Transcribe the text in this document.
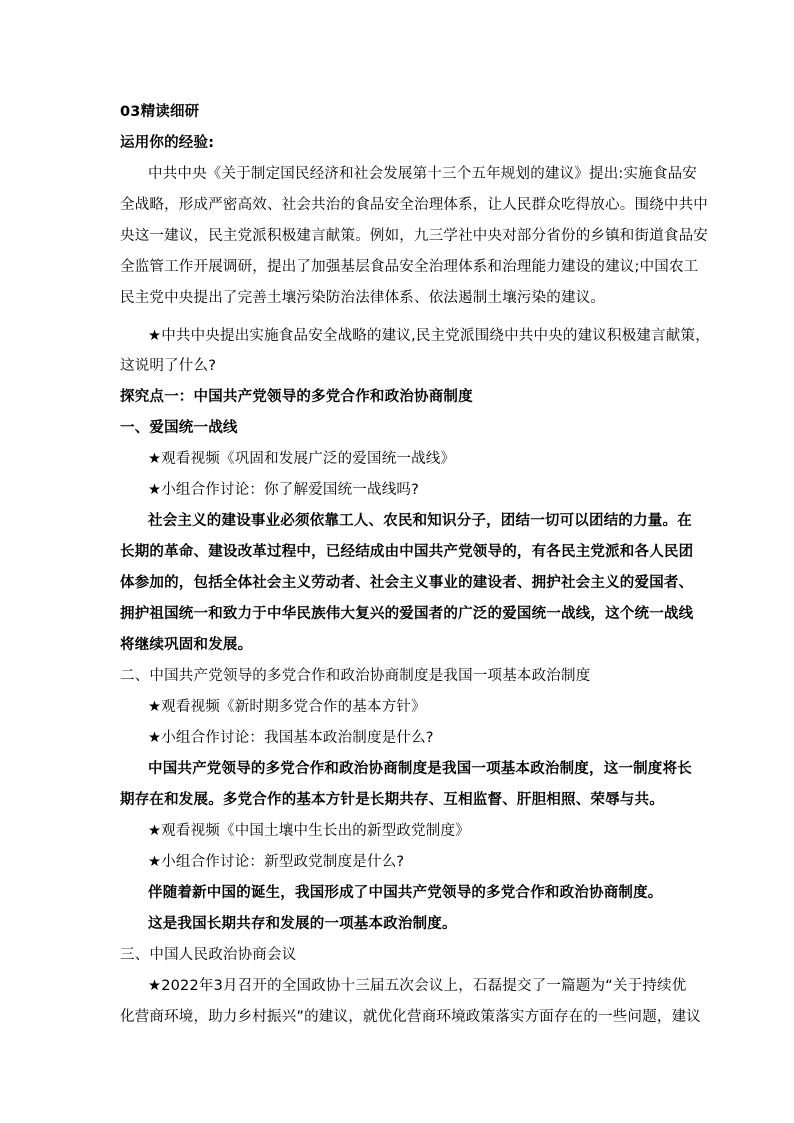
03精读细研
运用你的经验:
中共中央《关于制定国民经济和社会发展第十三个五年规划的建议》提出:实施食品安
全战略，形成严密高效、社会共治的食品安全治理体系，让人民群众吃得放心。围绕中共中
央这一建议，民主党派积极建言献策。例如，九三学社中央对部分省份的乡镇和街道食品安
全监管工作开展调研，提出了加强基层食品安全治理体系和治理能力建设的建议;中国农工
民主党中央提出了完善土壤污染防治法律体系、依法遏制土壤污染的建议。
★中共中央提出实施食品安全战略的建议,民主党派围绕中共中央的建议积极建言献策，
这说明了什么?
探究点一：中国共产党领导的多党合作和政治协商制度
一、爱国统一战线
★观看视频《巩固和发展广泛的爱国统一战线》
★小组合作讨论：你了解爱国统一战线吗?
社会主义的建设事业必须依靠工人、农民和知识分子，团结一切可以团结的力量。在
长期的革命、建设改革过程中，已经结成由中国共产党领导的，有各民主党派和各人民团
体参加的，包括全体社会主义劳动者、社会主义事业的建设者、拥护社会主义的爱国者、
拥护祖国统一和致力于中华民族伟大复兴的爱国者的广泛的爱国统一战线，这个统一战线
将继续巩固和发展。
二、中国共产党领导的多党合作和政治协商制度是我国一项基本政治制度
★观看视频《新时期多党合作的基本方针》
★小组合作讨论：我国基本政治制度是什么?
中国共产党领导的多党合作和政治协商制度是我国一项基本政治制度，这一制度将长
期存在和发展。多党合作的基本方针是长期共存、互相监督、肝胆相照、荣辱与共。
★观看视频《中国土壤中生长出的新型政党制度》
★小组合作讨论：新型政党制度是什么?
伴随着新中国的诞生，我国形成了中国共产党领导的多党合作和政治协商制度。
这是我国长期共存和发展的一项基本政治制度。
三、中国人民政治协商会议
★2022年3月召开的全国政协十三届五次会议上，石磊提交了一篇题为“关于持续优
化营商环境，助力乡村振兴”的建议，就优化营商环境政策落实方面存在的一些问题，建议
